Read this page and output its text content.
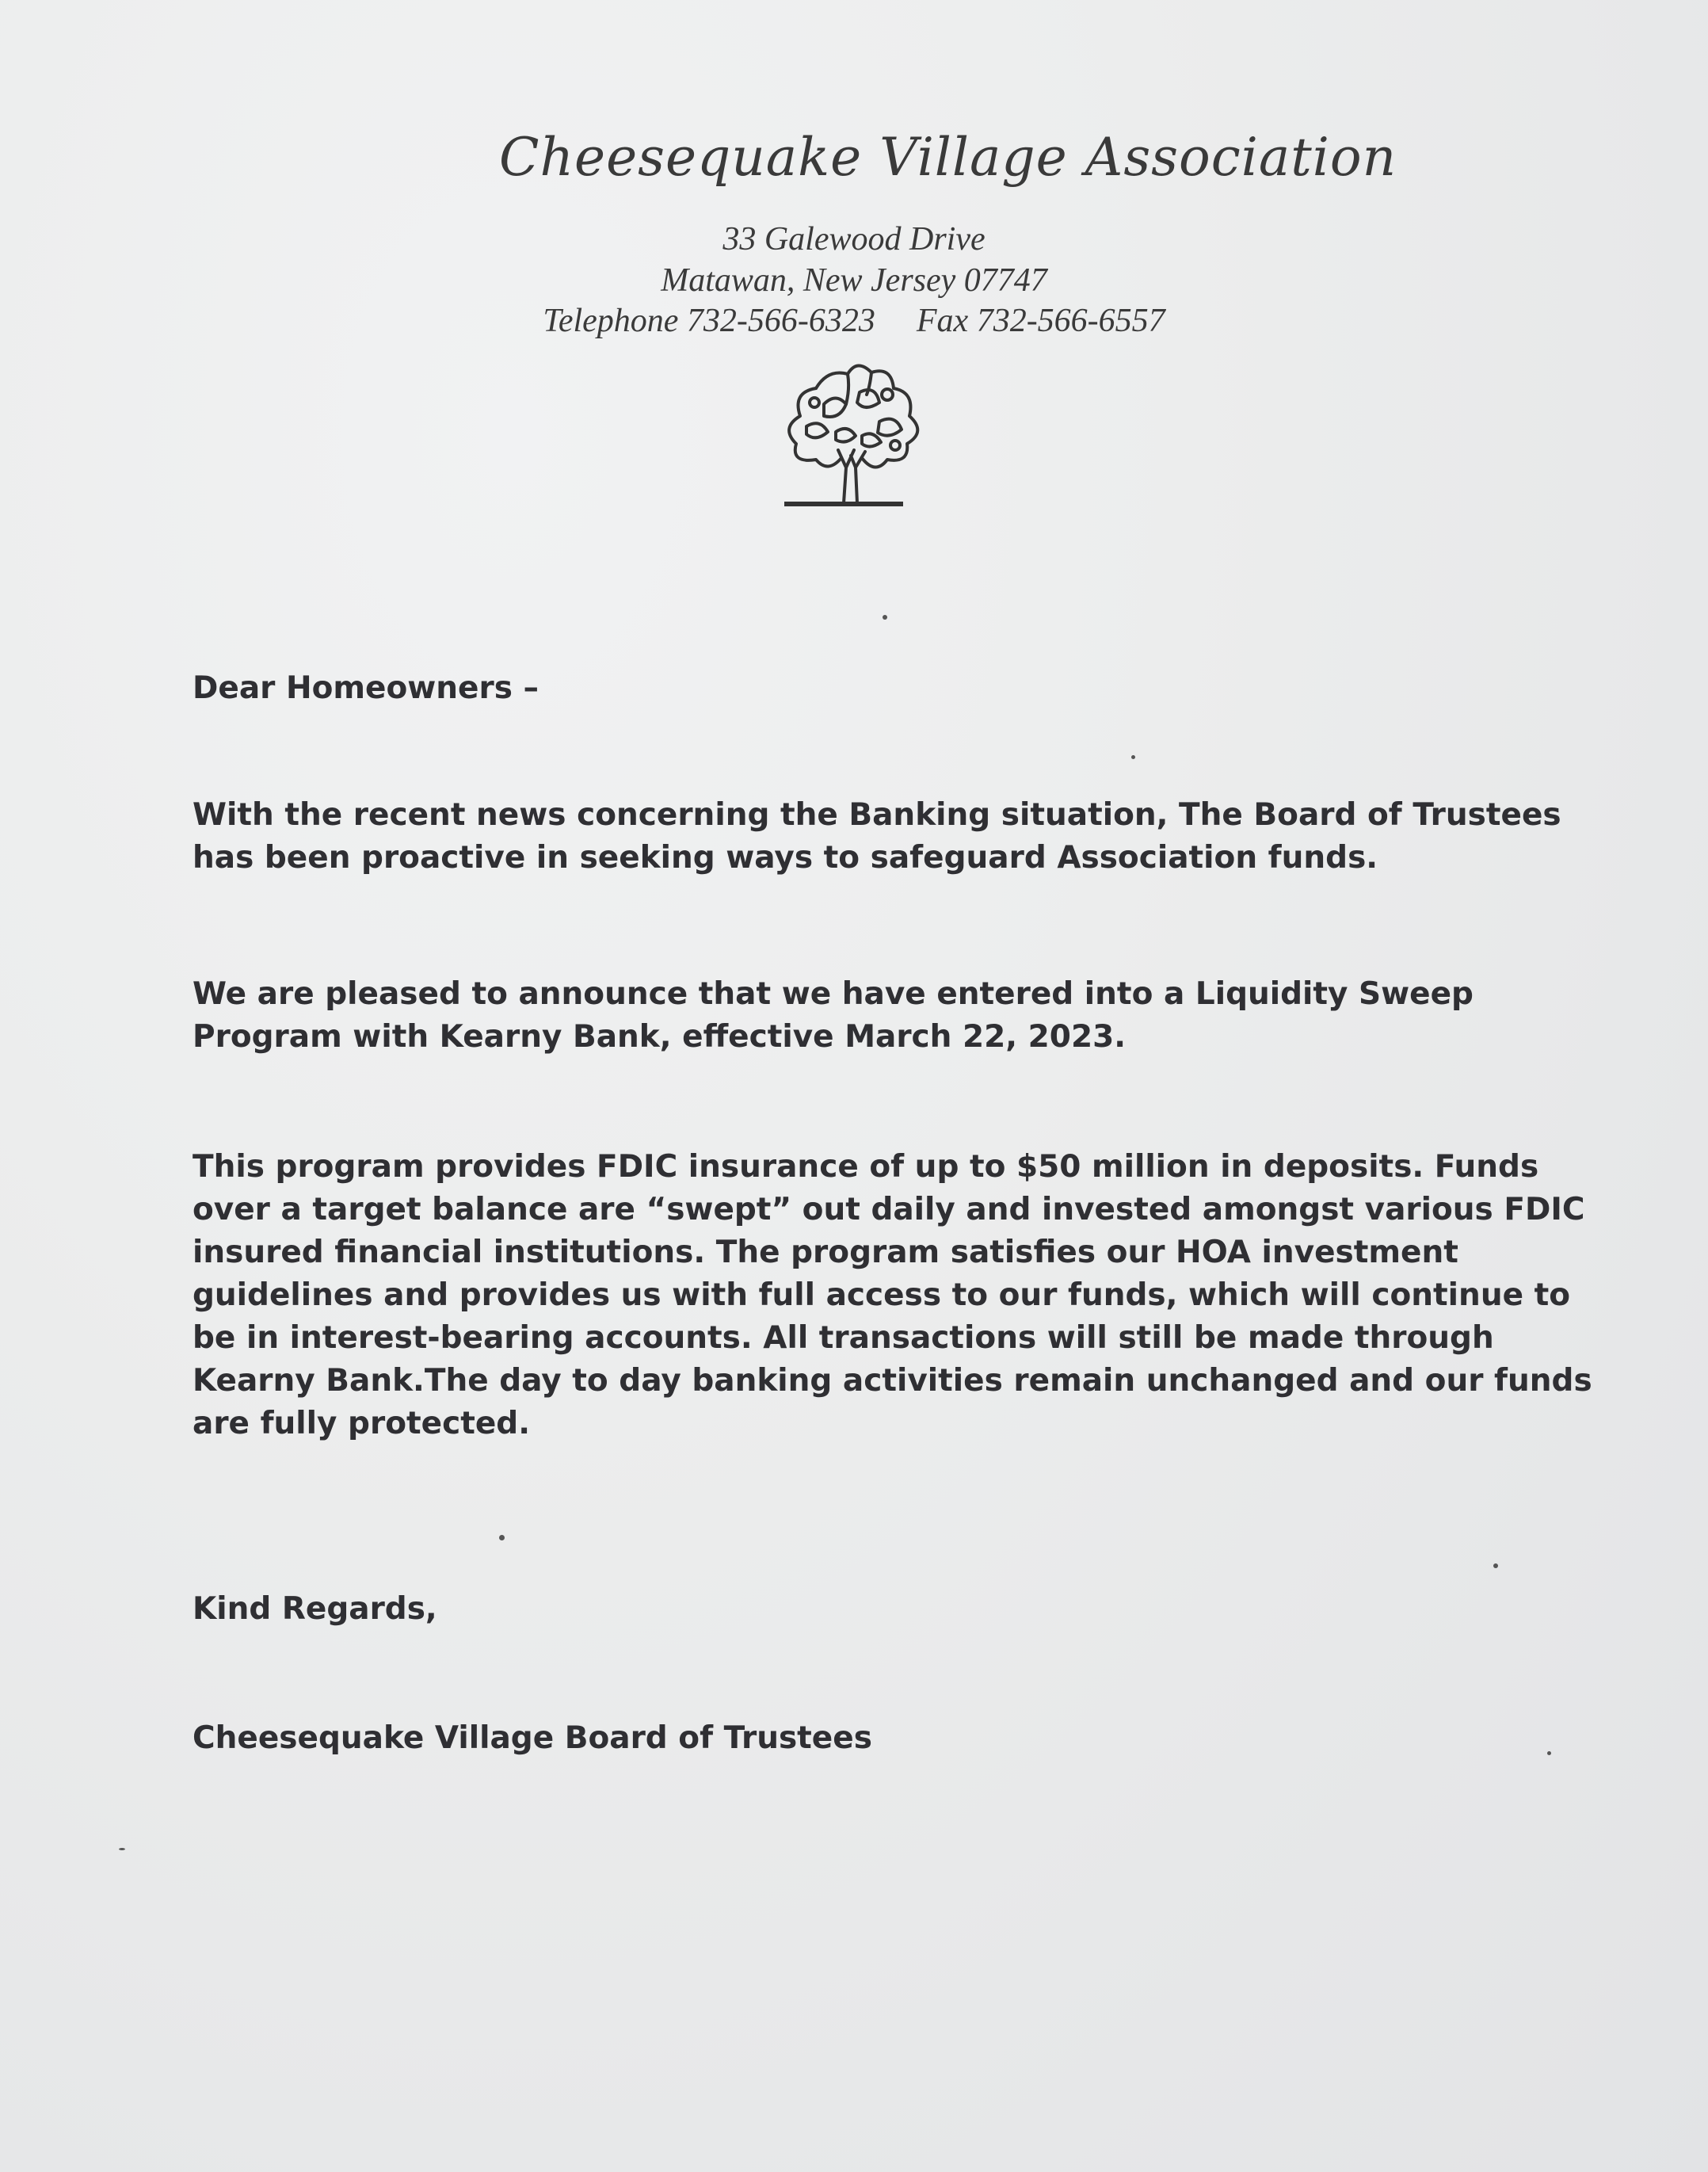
Cheesequake Village Association
33 Galewood Drive
Matawan, New Jersey 07747
Telephone 732-566-6323 Fax 732-566-6557
Dear Homeowners –
With the recent news concerning the Banking situation, The Board of Trustees
has been proactive in seeking ways to safeguard Association funds.
We are pleased to announce that we have entered into a Liquidity Sweep
Program with Kearny Bank, effective March 22, 2023.
This program provides FDIC insurance of up to $50 million in deposits. Funds
over a target balance are “swept” out daily and invested amongst various FDIC
insured financial institutions. The program satisfies our HOA investment
guidelines and provides us with full access to our funds, which will continue to
be in interest-bearing accounts. All transactions will still be made through
Kearny Bank.The day to day banking activities remain unchanged and our funds
are fully protected.
Kind Regards,
Cheesequake Village Board of Trustees
